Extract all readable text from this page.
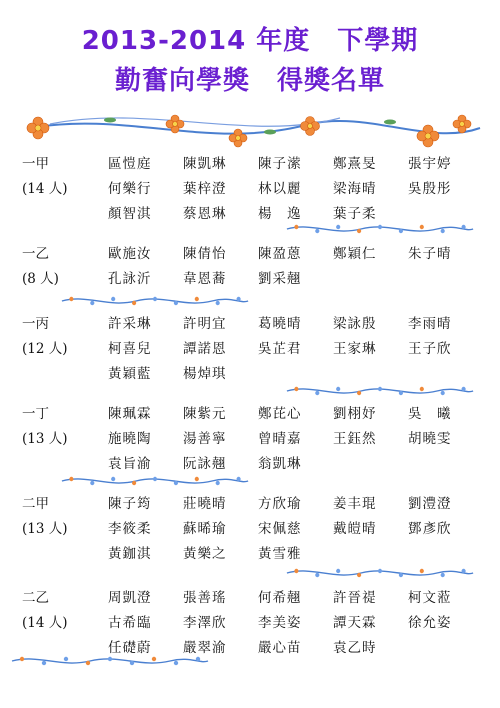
2013-2014 年度　下學期
勤奮向學獎　得獎名單
一甲
(14 人)
區愷庭 陳凱琳 陳子潆 鄭熹旻 張宇婷
何樂行 葉梓澄 林以麗 梁海晴 吳殷彤
顏智淇 蔡恩琳 楊　逸 葉子柔
一乙
(8 人)
歐施汝 陳倩怡 陳盈蒽 鄭穎仁 朱子晴
孔詠沂 韋恩蕎 劉采翹
一丙
(12 人)
許采琳 許明宜 葛曉晴 梁詠殷 李雨晴
柯喜兒 譚諾恩 吳芷君 王家琳 王子欣
黃穎藍 楊焯琪
一丁
(13 人)
陳珮霖 陳紫元 鄭芘心 劉栩妤 吳　曦
施曉陶 湯善寧 曾晴嘉 王鈺然 胡曉雯
袁旨渝 阮詠翹 翁凱琳
二甲
(13 人)
陳子筠 莊曉晴 方欣瑜 姜丰琨 劉澧澄
李筱柔 蘇晞瑜 宋佩慈 戴皚晴 鄧彥欣
黃鉫淇 黃樂之 黃雪雅
二乙
(14 人)
周凱澄 張善瑤 何希翹 許晉禔 柯文蒞
古希臨 李澤欣 李美姿 譚天霖 徐允姿
任礎蔚 嚴翠渝 嚴心苗 袁乙時
